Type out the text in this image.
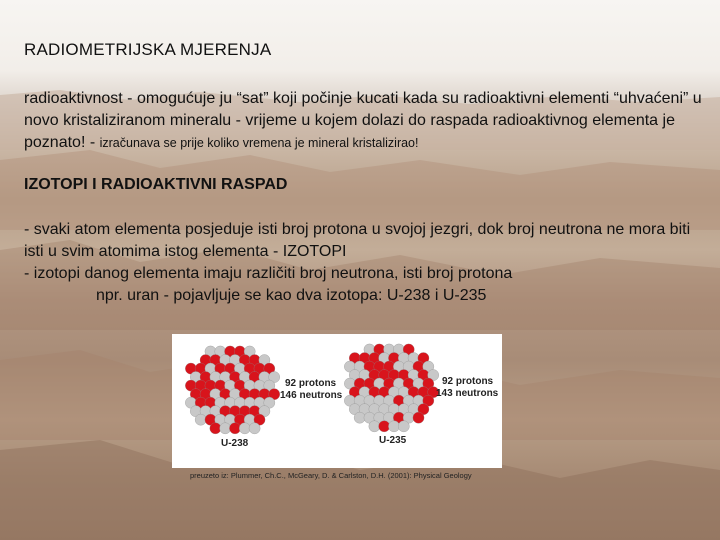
RADIOMETRIJSKA MJERENJA
radioaktivnost - omogućuje ju “sat” koji počinje kucati kada su radioaktivni elementi “uhvaćeni” u novo kristaliziranom mineralu - vrijeme u kojem dolazi do raspada radioaktivnog elementa je poznato! - izračunava se prije koliko vremena je mineral kristalizirao!
IZOTOPI I RADIOAKTIVNI RASPAD
- svaki atom elementa posjeduje isti broj protona u svojoj jezgri, dok broj neutrona ne mora biti isti u svim atomima istog elementa - IZOTOPI
- izotopi danog elementa imaju različiti broj neutrona, isti broj protona
npr. uran - pojavljuje se kao dva izotopa: U-238 i U-235
92 protons
146 neutrons
U-238
92 protons
143 neutrons
U-235
preuzeto iz: Plummer, Ch.C., McGeary, D. & Carlston, D.H. (2001): Physical Geology
